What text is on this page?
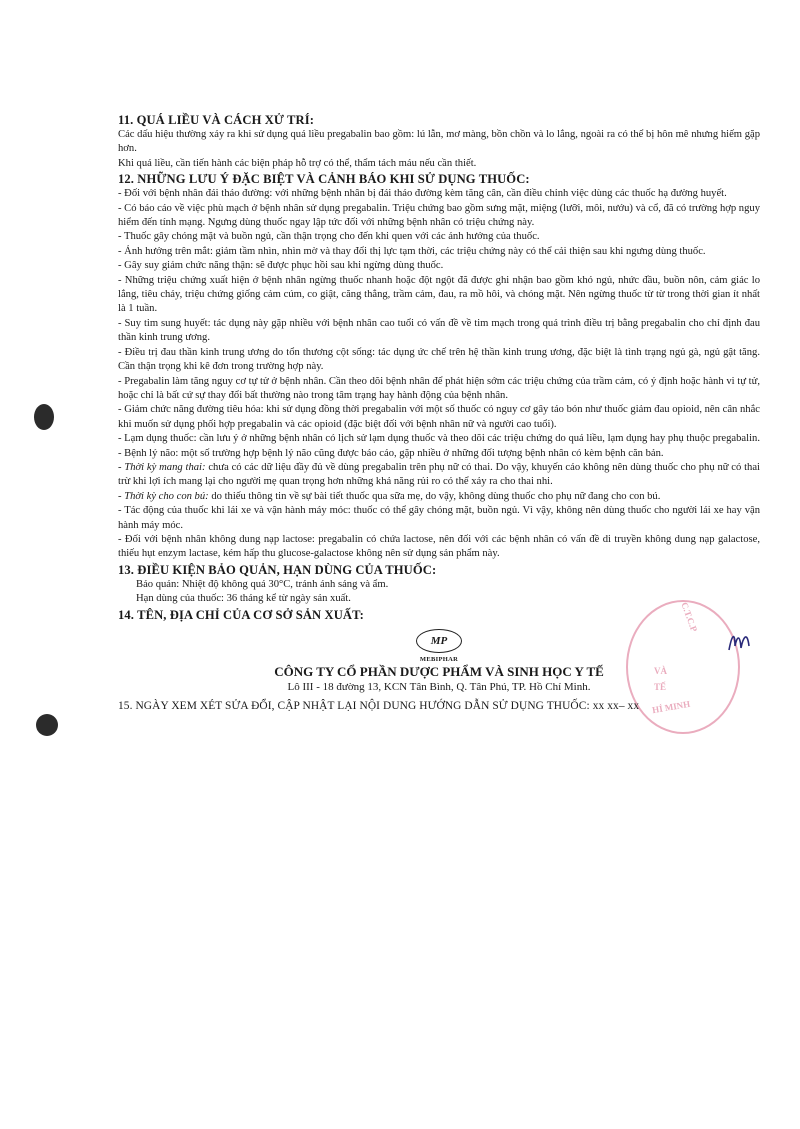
C.T.C.P
VÀ
TẾ
HÍ MINH
11. QUÁ LIỀU VÀ CÁCH XỬ TRÍ:

Các dấu hiệu thường xảy ra khi sử dụng quá liều pregabalin bao gồm: lú lẫn, mơ màng, bồn chồn và lo lắng, ngoài ra có thể bị hôn mê nhưng hiếm gặp hơn.

Khi quá liều, cần tiến hành các biện pháp hỗ trợ có thể, thẩm tách máu nếu cần thiết.

12. NHỮNG LƯU Ý ĐẶC BIỆT VÀ CẢNH BÁO KHI SỬ DỤNG THUỐC:

- Đối với bệnh nhân đái tháo đường: với những bệnh nhân bị đái tháo đường kèm tăng cân, cần điều chỉnh việc dùng các thuốc hạ đường huyết.

- Có báo cáo về việc phù mạch ở bệnh nhân sử dụng pregabalin. Triệu chứng bao gồm sưng mặt, miệng (lưỡi, môi, nướu) và cổ, đã có trường hợp nguy hiểm đến tính mạng. Ngưng dùng thuốc ngay lập tức đối với những bệnh nhân có triệu chứng này.

- Thuốc gây chóng mặt và buồn ngủ, cần thận trọng cho đến khi quen với các ảnh hưởng của thuốc.

- Ảnh hưởng trên mắt: giảm tầm nhìn, nhìn mờ và thay đổi thị lực tạm thời, các triệu chứng này có thể cải thiện sau khi ngưng dùng thuốc.

- Gây suy giảm chức năng thận: sẽ được phục hồi sau khi ngừng dùng thuốc.

- Những triệu chứng xuất hiện ở bệnh nhân ngừng thuốc nhanh hoặc đột ngột đã được ghi nhận bao gồm khó ngủ, nhức đầu, buồn nôn, cảm giác lo lắng, tiêu chảy, triệu chứng giống cảm cúm, co giật, căng thẳng, trầm cảm, đau, ra mồ hôi, và chóng mặt. Nên ngừng thuốc từ từ trong thời gian ít nhất là 1 tuần.

- Suy tim sung huyết: tác dụng này gặp nhiều với bệnh nhân cao tuổi có vấn đề về tim mạch trong quá trình điều trị bằng pregabalin cho chỉ định đau thần kinh trung ương.

- Điều trị đau thần kinh trung ương do tổn thương cột sống: tác dụng ức chế trên hệ thần kinh trung ương, đặc biệt là tình trạng ngủ gà, ngủ gật tăng. Cần thận trọng khi kê đơn trong trường hợp này.

- Pregabalin làm tăng nguy cơ tự tử ở bệnh nhân. Cần theo dõi bệnh nhân để phát hiện sớm các triệu chứng của trầm cảm, có ý định hoặc hành vi tự tử, hoặc chỉ là bất cứ sự thay đổi bất thường nào trong tâm trạng hay hành động của bệnh nhân.

- Giảm chức năng đường tiêu hóa: khi sử dụng đồng thời pregabalin với một số thuốc có nguy cơ gây táo bón như thuốc giảm đau opioid, nên cân nhắc khi muốn sử dụng phối hợp pregabalin và các opioid (đặc biệt đối với bệnh nhân nữ và người cao tuổi).

- Lạm dụng thuốc: cần lưu ý ở những bệnh nhân có lịch sử lạm dụng thuốc và theo dõi các triệu chứng do quá liều, lạm dụng hay phụ thuộc pregabalin.

- Bệnh lý não: một số trường hợp bệnh lý não cũng được báo cáo, gặp nhiều ở những đối tượng bệnh nhân có kèm bệnh căn bản.

- Thời kỳ mang thai: chưa có các dữ liệu đầy đủ về dùng pregabalin trên phụ nữ có thai. Do vậy, khuyến cáo không nên dùng thuốc cho phụ nữ có thai trừ khi lợi ích mang lại cho người mẹ quan trọng hơn những khả năng rủi ro có thể xảy ra cho thai nhi.

- Thời kỳ cho con bú: do thiếu thông tin về sự bài tiết thuốc qua sữa mẹ, do vậy, không dùng thuốc cho phụ nữ đang cho con bú.

- Tác động của thuốc khi lái xe và vận hành máy móc: thuốc có thể gây chóng mặt, buồn ngủ. Vì vậy, không nên dùng thuốc cho người lái xe hay vận hành máy móc.

- Đối với bệnh nhân không dung nạp lactose: pregabalin có chứa lactose, nên đối với các bệnh nhân có vấn đề di truyền không dung nạp galactose, thiếu hụt enzym lactase, kém hấp thu glucose-galactose không nên sử dụng sản phẩm này.

13. ĐIỀU KIỆN BẢO QUẢN, HẠN DÙNG CỦA THUỐC:

Bảo quản: Nhiệt độ không quá 30°C, tránh ánh sáng và ẩm.

Hạn dùng của thuốc: 36 tháng kể từ ngày sản xuất.

14. TÊN, ĐỊA CHỈ CỦA CƠ SỞ SẢN XUẤT:
MP
MEBIPHAR
CÔNG TY CỔ PHẦN DƯỢC PHẨM VÀ SINH HỌC Y TẾ
Lô III - 18 đường 13, KCN Tân Bình, Q. Tân Phú, TP. Hồ Chí Minh.
15. NGÀY XEM XÉT SỬA ĐỔI, CẬP NHẬT LẠI NỘI DUNG HƯỚNG DẪN SỬ DỤNG THUỐC: xx xx– xx
